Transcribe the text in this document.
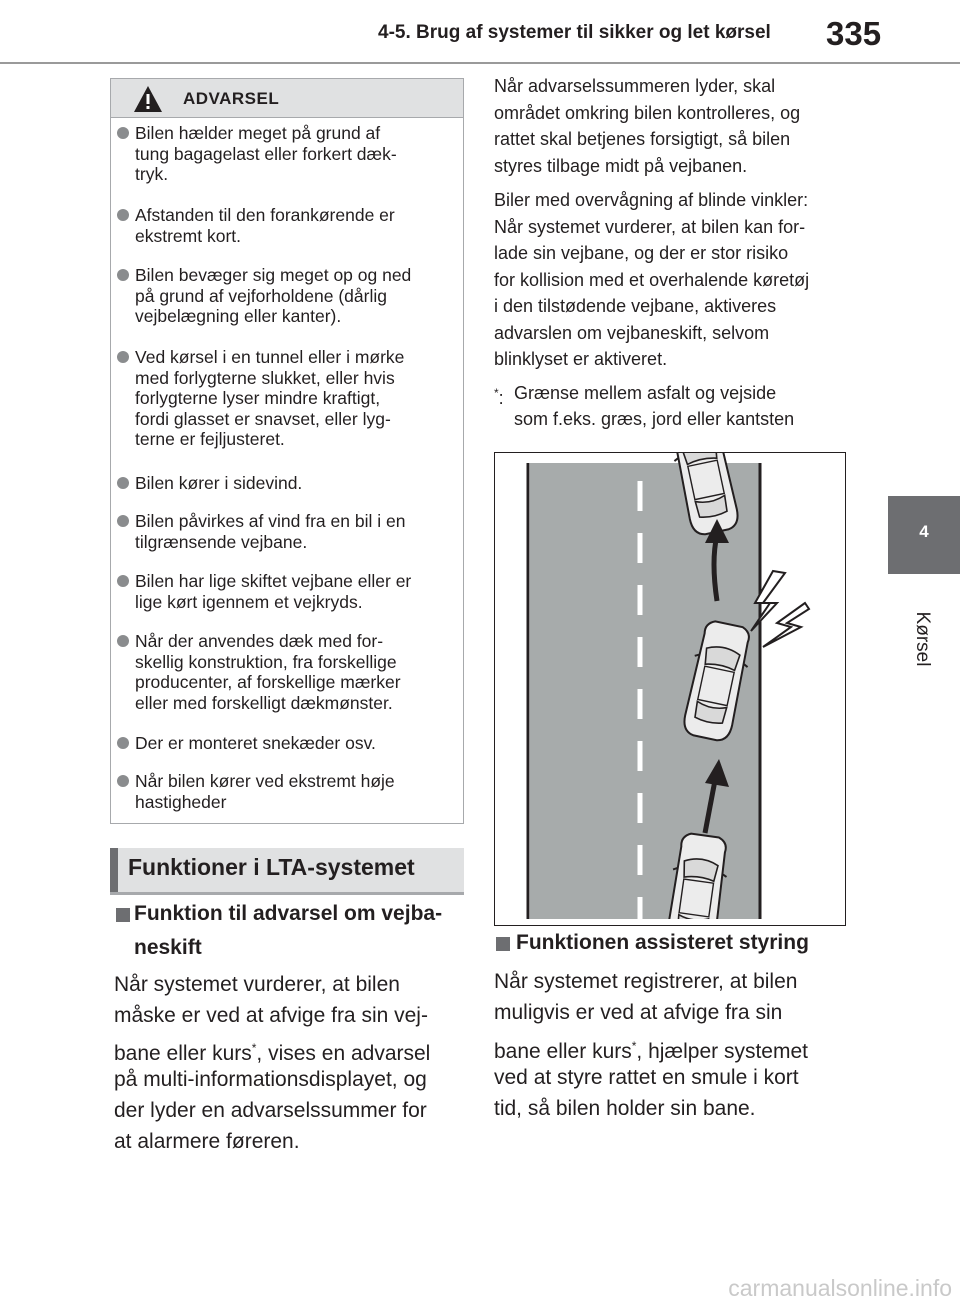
4-5. Brug af systemer til sikker og let kørsel 335
4
Kørsel
ADVARSEL
Bilen hælder meget på grund af
tung bagagelast eller forkert dæk-
tryk.
Afstanden til den forankørende er
ekstremt kort.
Bilen bevæger sig meget op og ned
på grund af vejforholdene (dårlig
vejbelægning eller kanter).
Ved kørsel i en tunnel eller i mørke
med forlygterne slukket, eller hvis
forlygterne lyser mindre kraftigt,
fordi glasset er snavset, eller lyg-
terne er fejljusteret.
Bilen kører i sidevind.
Bilen påvirkes af vind fra en bil i en
tilgrænsende vejbane.
Bilen har lige skiftet vejbane eller er
lige kørt igennem et vejkryds.
Når der anvendes dæk med for-
skellig konstruktion, fra forskellige
producenter, af forskellige mærker
eller med forskelligt dækmønster.
Der er monteret snekæder osv.
Når bilen kører ved ekstremt høje
hastigheder
Funktioner i LTA-systemet
Funktion til advarsel om vejba-
neskift
Når systemet vurderer, at bilen
måske er ved at afvige fra sin vej-
bane eller kurs*, vises en advarsel
på multi-informationsdisplayet, og
der lyder en advarselssummer for
at alarmere føreren.
Når advarselssummeren lyder, skal
området omkring bilen kontrolleres, og
rattet skal betjenes forsigtigt, så bilen
styres tilbage midt på vejbanen.
Biler med overvågning af blinde vinkler:
Når systemet vurderer, at bilen kan for-
lade sin vejbane, og der er stor risiko
for kollision med et overhalende køretøj
i den tilstødende vejbane, aktiveres
advarslen om vejbaneskift, selvom
blinklyset er aktiveret.
*: Grænse mellem asfalt og vejside
som f.eks. græs, jord eller kantsten
Funktionen assisteret styring
Når systemet registrerer, at bilen
muligvis er ved at afvige fra sin
bane eller kurs*, hjælper systemet
ved at styre rattet en smule i kort
tid, så bilen holder sin bane.
carmanualsonline.info
